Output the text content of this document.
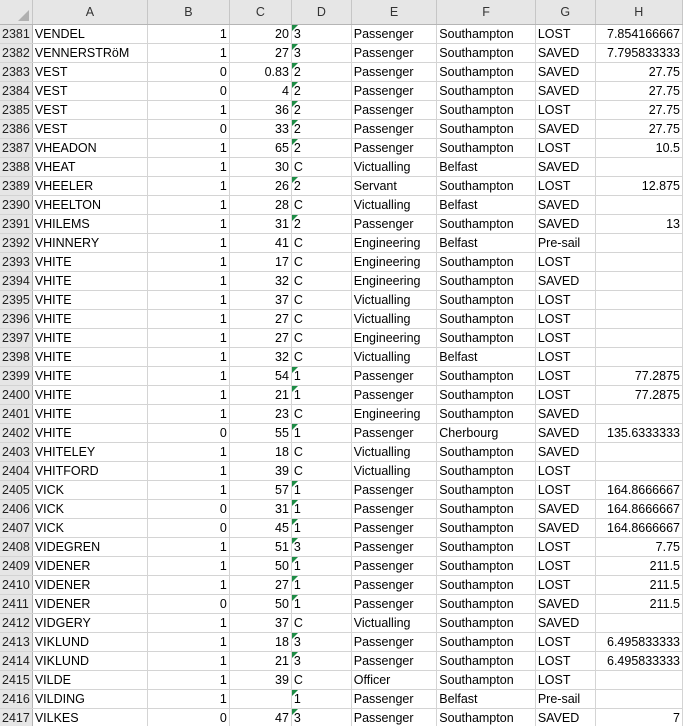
	A	B	C	D	E	F	G	H
2381	VENDEL	1	20	3	Passenger	Southampton	LOST	7.854166667
2382	VENNERSTRöM	1	27	3	Passenger	Southampton	SAVED	7.795833333
2383	VEST	0	0.83	2	Passenger	Southampton	SAVED	27.75
2384	VEST	0	4	2	Passenger	Southampton	SAVED	27.75
2385	VEST	1	36	2	Passenger	Southampton	LOST	27.75
2386	VEST	0	33	2	Passenger	Southampton	SAVED	27.75
2387	VHEADON	1	65	2	Passenger	Southampton	LOST	10.5
2388	VHEAT	1	30	C	Victualling	Belfast	SAVED	
2389	VHEELER	1	26	2	Servant	Southampton	LOST	12.875
2390	VHEELTON	1	28	C	Victualling	Belfast	SAVED	
2391	VHILEMS	1	31	2	Passenger	Southampton	SAVED	13
2392	VHINNERY	1	41	C	Engineering	Belfast	Pre-sail	
2393	VHITE	1	17	C	Engineering	Southampton	LOST	
2394	VHITE	1	32	C	Engineering	Southampton	SAVED	
2395	VHITE	1	37	C	Victualling	Southampton	LOST	
2396	VHITE	1	27	C	Victualling	Southampton	LOST	
2397	VHITE	1	27	C	Engineering	Southampton	LOST	
2398	VHITE	1	32	C	Victualling	Belfast	LOST	
2399	VHITE	1	54	1	Passenger	Southampton	LOST	77.2875
2400	VHITE	1	21	1	Passenger	Southampton	LOST	77.2875
2401	VHITE	1	23	C	Engineering	Southampton	SAVED	
2402	VHITE	0	55	1	Passenger	Cherbourg	SAVED	135.6333333
2403	VHITELEY	1	18	C	Victualling	Southampton	SAVED	
2404	VHITFORD	1	39	C	Victualling	Southampton	LOST	
2405	VICK	1	57	1	Passenger	Southampton	LOST	164.8666667
2406	VICK	0	31	1	Passenger	Southampton	SAVED	164.8666667
2407	VICK	0	45	1	Passenger	Southampton	SAVED	164.8666667
2408	VIDEGREN	1	51	3	Passenger	Southampton	LOST	7.75
2409	VIDENER	1	50	1	Passenger	Southampton	LOST	211.5
2410	VIDENER	1	27	1	Passenger	Southampton	LOST	211.5
2411	VIDENER	0	50	1	Passenger	Southampton	SAVED	211.5
2412	VIDGERY	1	37	C	Victualling	Southampton	SAVED	
2413	VIKLUND	1	18	3	Passenger	Southampton	LOST	6.495833333
2414	VIKLUND	1	21	3	Passenger	Southampton	LOST	6.495833333
2415	VILDE	1	39	C	Officer	Southampton	LOST	
2416	VILDING	1		1	Passenger	Belfast	Pre-sail	
2417	VILKES	0	47	3	Passenger	Southampton	SAVED	7
